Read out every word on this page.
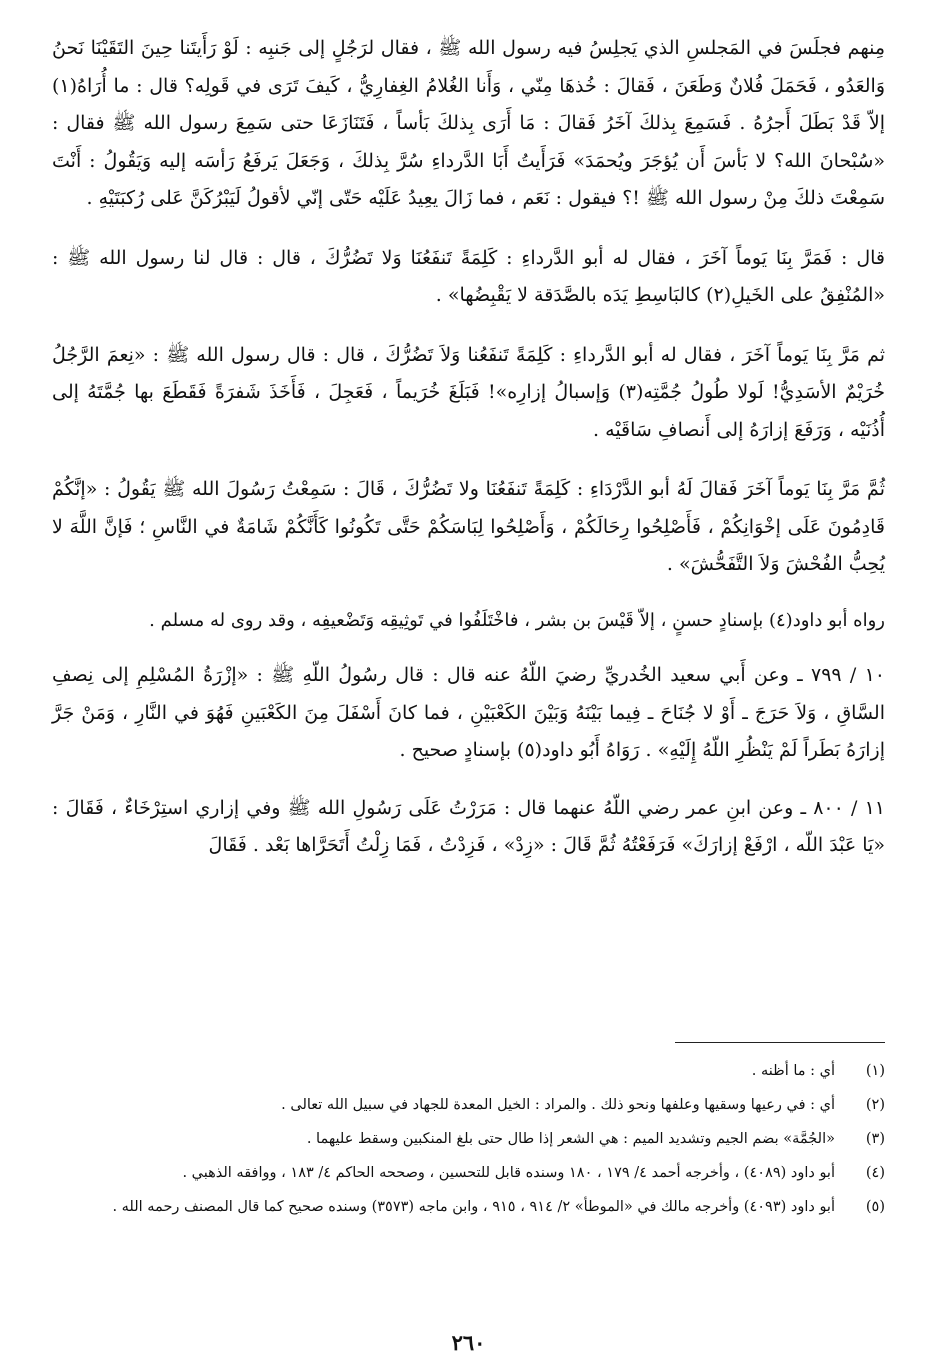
مِنهم فجلَسَ في المَجلسِ الذي يَجلِسُ فيه رسول الله ﷺ ، فقال لرَجُلٍ إلى جَنبِه : لَوْ رَأَيتَنا حِينَ التَقَيْنَا نَحنُ وَالعَدُو ، فَحَمَلَ فُلانٌ وَطَعَنَ ، فَقالَ : خُذهَا مِنّي ، وَأَنا الغُلامُ الغِفارِيُّ ، كَيفَ تَرَى في قَولِه؟ قال : ما أُرَاهُ(١) إلاّ قَدْ بَطَلَ أَجرُهُ . فَسَمِعَ بِذلكَ آخَرُ فَقالَ : مَا أَرَى بِذلكَ بَأساً ، فَتَنَازَعَا حتى سَمِعَ رسول الله ﷺ فقال : «سُبْحانَ الله؟ لا بَأسَ أَن يُؤجَرَ ويُحمَدَ» فَرَأَيتُ أَبَا الدَّرداءِ سُرَّ بِذلكَ ، وَجَعَلَ يَرفَعُ رَأسَه إليه وَيَقُولُ : أَنْتَ سَمِعْتَ ذلكَ مِنْ رسول الله ﷺ !؟ فيقول : نَعَم ، فما زَالَ يعِيدُ عَلَيْه حَتّى إنّي لأقولُ لَيَبْرُكَنَّ عَلى رُكبَتَيْهِ .

قال : فَمَرَّ بِنَا يَوماً آخَرَ ، فقال له أبو الدَّرداءِ : كَلِمَةً تَنفَعُنَا وَلا تَضُرُّكَ ، قال : قال لنا رسول الله ﷺ : «المُنْفِقُ على الخَيلِ(٢) كالبَاسِطِ يَدَه بالصَّدَقة لا يَقْبِضُها» .

ثم مَرَّ بِنَا يَوماً آخَرَ ، فقال له أبو الدَّرداءِ : كَلِمَةً تَنفَعُنا وَلاَ تَضُرُّكَ ، قال : قال رسول الله ﷺ : «نِعمَ الرَّجُلُ خُرَيْمٌ الأسَدِيُّ! لَولا طُولُ جُمَّتِه(٣) وَإسبالُ إزارِه»! فَبَلَغَ خُرَيماً ، فَعَجِلَ ، فَأَخَذَ شَفرَةً فَقَطَعَ بها جُمَّتَهُ إلى أُذُنَيْه ، وَرَفَعَ إزارَهُ إلى أَنصافِ سَاقَيْه .

ثُمَّ مَرَّ بِنَا يَوماً آخَرَ فَقالَ لَهُ أبو الدَّرْدَاءِ : كَلِمَةً تَنفَعُنَا ولا تَضُرُّكَ ، قَالَ : سَمِعْتُ رَسُولَ الله ﷺ يَقُولُ : «إنَّكُمْ قَادِمُونَ عَلَى إخْوَانِكُمْ ، فَأَصْلِحُوا رِحَالَكُمْ ، وَأَصْلِحُوا لِبَاسَكُمْ حَتَّى تَكُونُوا كَأَنَّكُمْ شَامَةٌ في النَّاسِ ؛ فَإنَّ اللَّهَ لا يُحِبُّ الفُحْشَ وَلاَ التَّفَحُّشَ» .

رواه أبو داود(٤) بإسنادٍ حسنٍ ، إلاّ قَيْسَ بن بشر ، فاخْتَلَفُوا في تَوثِيقِه وَتَضْعيفِه ، وقد روى له مسلم .

١٠ / ٧٩٩ ـ وعن أَبي سعيد الخُدريِّ رضيَ اللّهُ عنه قال : قال رسُولُ اللّهِ ﷺ : «إزْرَةُ المُسْلِمِ إلى نِصفِ السَّاقِ ، وَلاَ حَرَجَ ـ أَوْ لا جُنَاحَ ـ فِيما بَيْنَهُ وَبَيْنَ الكَعْبَيْنِ ، فما كانَ أَسْفَلَ مِنَ الكَعْبَينِ فَهُوَ في النَّارِ ، وَمَنْ جَرَّ إزارَهُ بَطَراً لَمْ يَنْظُرِ اللّهُ إِلَيْهِ» . رَوَاهُ أَبُو داود(٥) بإسنادٍ صحيح .

١١ / ٨٠٠ ـ وعن ابنِ عمر رضي اللّهُ عنهما قال : مَرَرْتُ عَلَى رَسُولِ الله ﷺ وفي إزاري استِرْخَاءٌ ، فَقَالَ : «يَا عَبْدَ اللّه ، ارْفَعْ إزارَكَ» فَرَفَعْتُهُ ثُمَّ قَالَ : «زِدْ» ، فَزِدْتُ ، فَمَا زِلْتُ أَتَحَرَّاها بَعْد . فَقَالَ

(١)
أي : ما أظنه .
(٢)
أي : في رعيها وسقيها وعلفها ونحو ذلك . والمراد : الخيل المعدة للجهاد في سبيل الله تعالى .
(٣)
«الجُمَّة» بضم الجيم وتشديد الميم : هي الشعر إذا طال حتى بلغ المنكبين وسقط عليهما .
(٤)
أبو داود (٤٠٨٩) ، وأخرجه أحمد ٤/ ١٧٩ ، ١٨٠ وسنده قابل للتحسين ، وصححه الحاكم ٤/ ١٨٣ ، ووافقه الذهبي .
(٥)
أبو داود (٤٠٩٣) وأخرجه مالك في «الموطأ» ٢/ ٩١٤ ، ٩١٥ ، وابن ماجه (٣٥٧٣) وسنده صحيح كما قال المصنف رحمه الله .
٢٦٠
